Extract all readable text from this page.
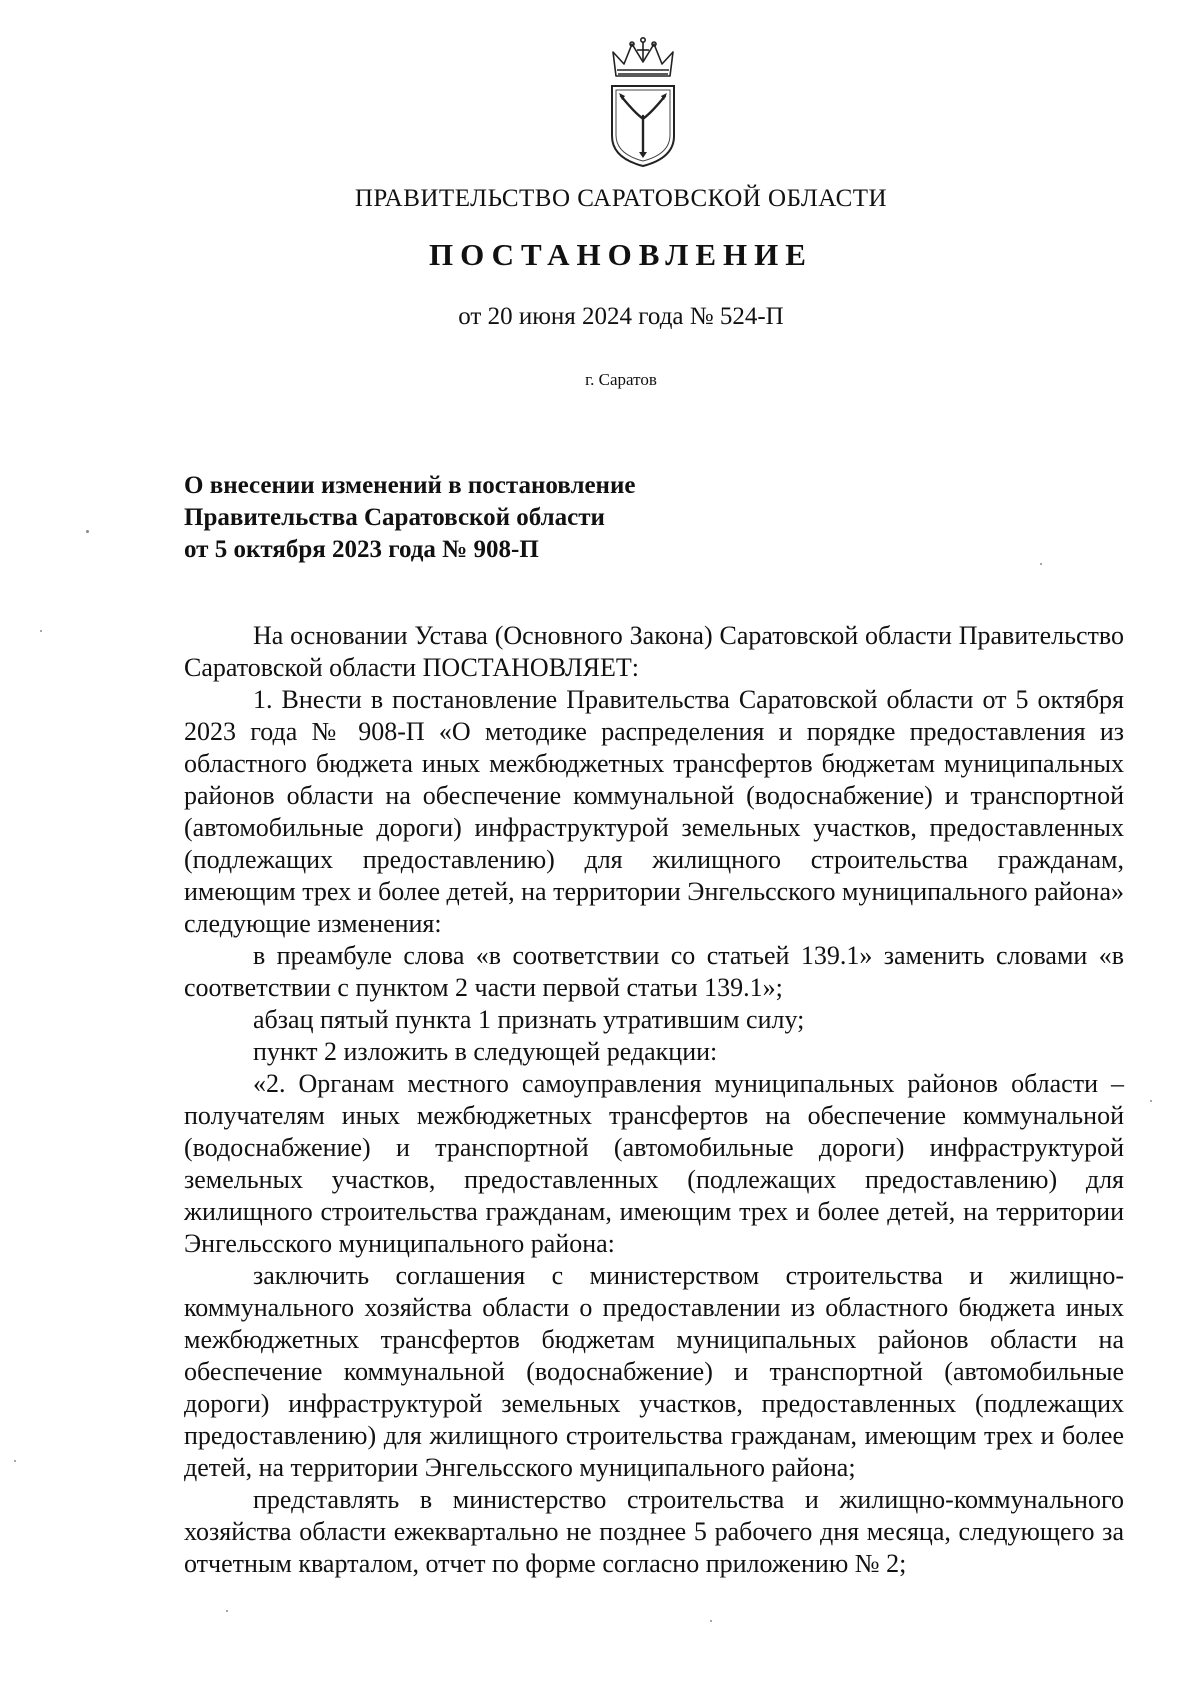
ПРАВИТЕЛЬСТВО САРАТОВСКОЙ ОБЛАСТИ
ПОСТАНОВЛЕНИЕ
от 20 июня 2024 года № 524-П
г. Саратов
О внесении изменений в постановление
Правительства Саратовской области
от 5 октября 2023 года № 908-П

На основании Устава (Основного Закона) Саратовской области Правительство Саратовской области ПОСТАНОВЛЯЕТ:

1. Внести в постановление Правительства Саратовской области от 5 октября 2023 года № 908-П «О методике распределения и порядке предоставления из областного бюджета иных межбюджетных трансфертов бюджетам муниципальных районов области на обеспечение коммунальной (водоснабжение) и транспортной (автомобильные дороги) инфраструктурой земельных участков, предоставленных (подлежащих предоставлению) для жилищного строительства гражданам, имеющим трех и более детей, на территории Энгельсского муниципального района» следующие изменения:

в преамбуле слова «в соответствии со статьей 139.1» заменить словами «в соответствии с пунктом 2 части первой статьи 139.1»;

абзац пятый пункта 1 признать утратившим силу;

пункт 2 изложить в следующей редакции:

«2. Органам местного самоуправления муниципальных районов области – получателям иных межбюджетных трансфертов на обеспечение коммунальной (водоснабжение) и транспортной (автомобильные дороги) инфраструктурой земельных участков, предоставленных (подлежащих предоставлению) для жилищного строительства гражданам, имеющим трех и более детей, на территории Энгельсского муниципального района:

заключить соглашения с министерством строительства и жилищно-коммунального хозяйства области о предоставлении из областного бюджета иных межбюджетных трансфертов бюджетам муниципальных районов области на обеспечение коммунальной (водоснабжение) и транспортной (автомобильные дороги) инфраструктурой земельных участков, предоставленных (подлежащих предоставлению) для жилищного строительства гражданам, имеющим трех и более детей, на территории Энгельсского муниципального района;

представлять в министерство строительства и жилищно-коммунального хозяйства области ежеквартально не позднее 5 рабочего дня месяца, следующего за отчетным кварталом, отчет по форме согласно приложению № 2;
